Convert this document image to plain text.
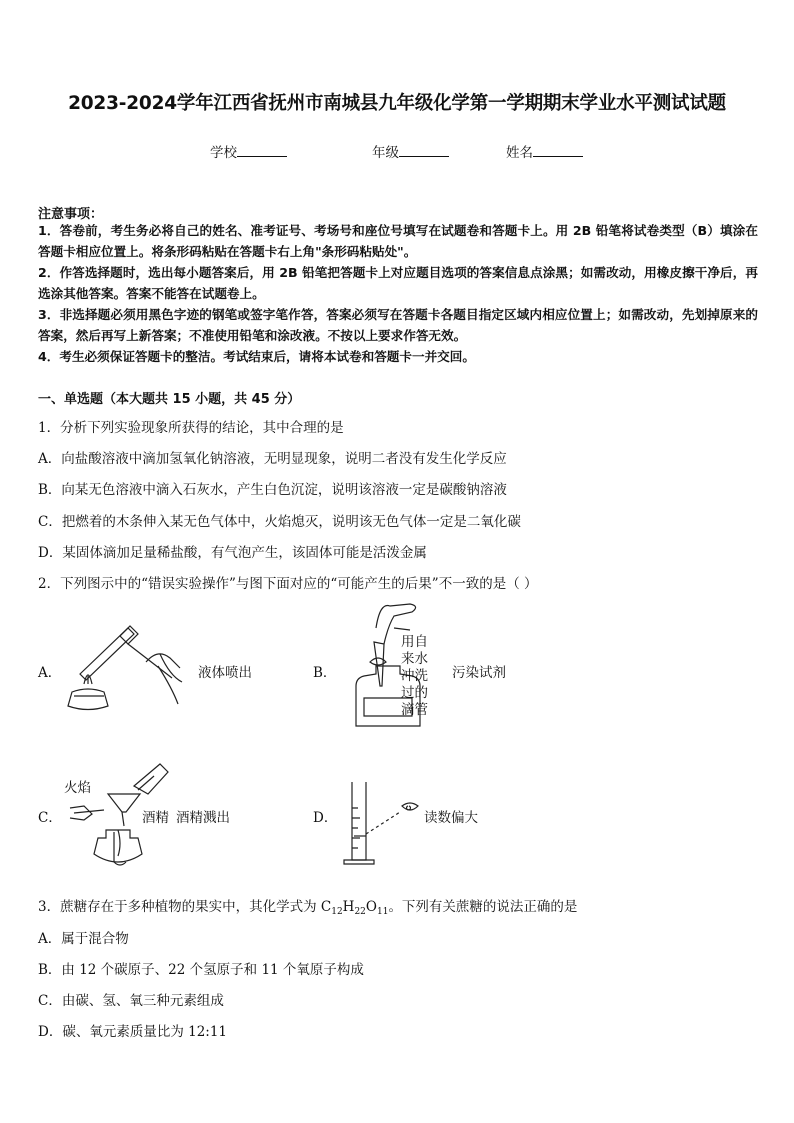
2023-2024学年江西省抚州市南城县九年级化学第一学期期末学业水平测试试题
学校	年级	姓名
注意事项：
1．答卷前，考生务必将自己的姓名、准考证号、考场号和座位号填写在试题卷和答题卡上。用 2B 铅笔将试卷类型（B）填涂在答题卡相应位置上。将条形码粘贴在答题卡右上角"条形码粘贴处"。
2．作答选择题时，选出每小题答案后，用 2B 铅笔把答题卡上对应题目选项的答案信息点涂黑；如需改动，用橡皮擦干净后，再选涂其他答案。答案不能答在试题卷上。
3．非选择题必须用黑色字迹的钢笔或签字笔作答，答案必须写在答题卡各题目指定区域内相应位置上；如需改动，先划掉原来的答案，然后再写上新答案；不准使用铅笔和涂改液。不按以上要求作答无效。
4．考生必须保证答题卡的整洁。考试结束后，请将本试卷和答题卡一并交回。
一、单选题（本大题共 15 小题，共 45 分）
1．分析下列实验现象所获得的结论，其中合理的是
A．向盐酸溶液中滴加氢氧化钠溶液，无明显现象，说明二者没有发生化学反应
B．向某无色溶液中滴入石灰水，产生白色沉淀，说明该溶液一定是碳酸钠溶液
C．把燃着的木条伸入某无色气体中，火焰熄灭，说明该无色气体一定是二氧化碳
D．某固体滴加足量稀盐酸，有气泡产生，该固体可能是活泼金属
2．下列图示中的“错误实验操作”与图下面对应的“可能产生的后果”不一致的是（ ）
A．	液体喷出	B．
用自来水冲洗过的滴管
污染试剂
C．
火焰
酒精 酒精溅出	D．	读数偏大
3．蔗糖存在于多种植物的果实中，其化学式为 $C_{12}H_{22}O_{11}$。下列有关蔗糖的说法正确的是
A．属于混合物
B．由 12 个碳原子、22 个氢原子和 11 个氧原子构成
C．由碳、氢、氧三种元素组成
D．碳、氧元素质量比为 12:11
